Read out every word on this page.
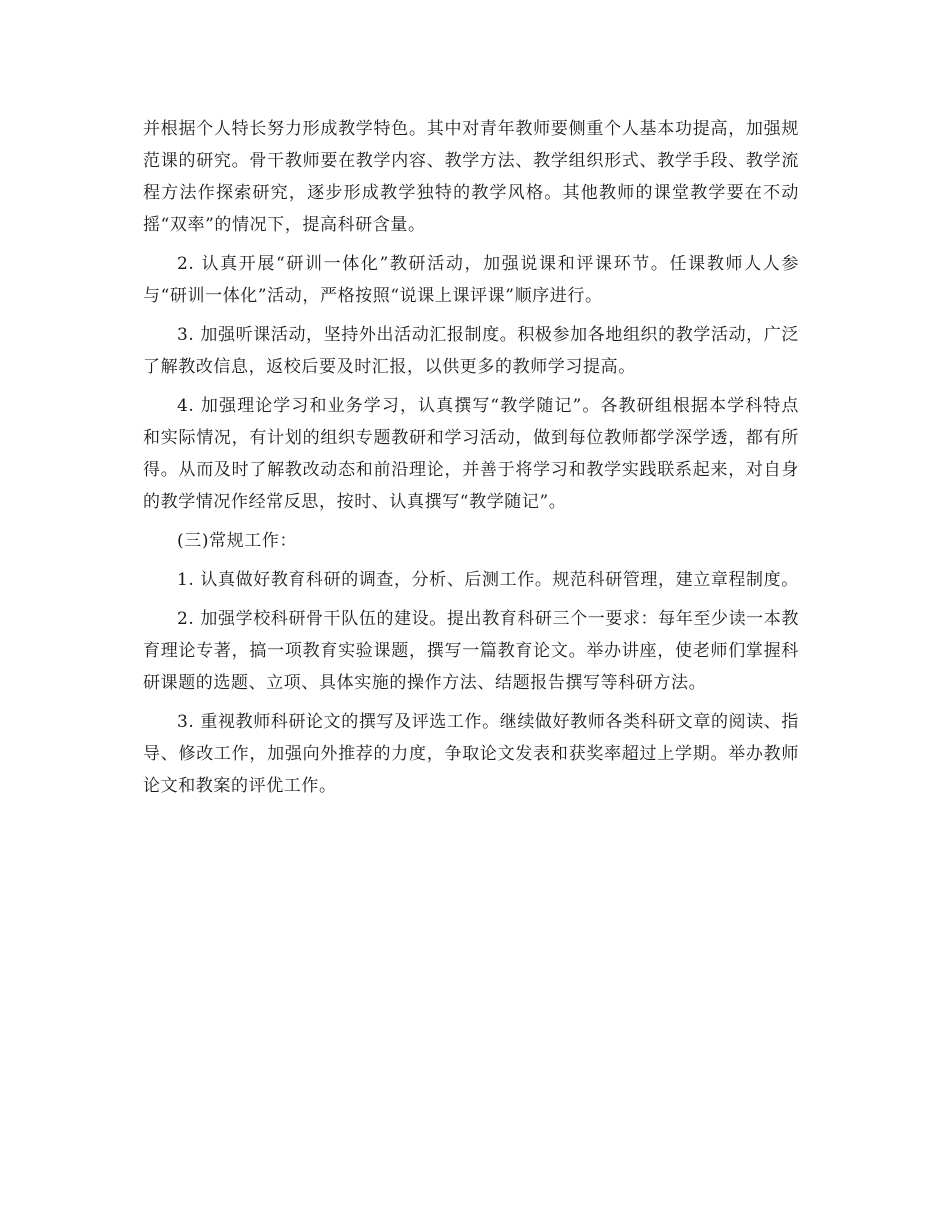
并根据个人特长努力形成教学特色。其中对青年教师要侧重个人基本功提高，加强规范课的研究。骨干教师要在教学内容、教学方法、教学组织形式、教学手段、教学流程方法作探索研究，逐步形成教学独特的教学风格。其他教师的课堂教学要在不动摇“双率”的情况下，提高科研含量。

2. 认真开展“研训一体化”教研活动，加强说课和评课环节。任课教师人人参与“研训一体化”活动，严格按照“说课上课评课”顺序进行。

3. 加强听课活动，坚持外出活动汇报制度。积极参加各地组织的教学活动，广泛了解教改信息，返校后要及时汇报，以供更多的教师学习提高。

4. 加强理论学习和业务学习，认真撰写“教学随记”。各教研组根据本学科特点和实际情况，有计划的组织专题教研和学习活动，做到每位教师都学深学透，都有所得。从而及时了解教改动态和前沿理论，并善于将学习和教学实践联系起来，对自身的教学情况作经常反思，按时、认真撰写“教学随记”。

(三)常规工作：

1. 认真做好教育科研的调查，分析、后测工作。规范科研管理，建立章程制度。

2. 加强学校科研骨干队伍的建设。提出教育科研三个一要求：每年至少读一本教育理论专著，搞一项教育实验课题，撰写一篇教育论文。举办讲座，使老师们掌握科研课题的选题、立项、具体实施的操作方法、结题报告撰写等科研方法。

3. 重视教师科研论文的撰写及评选工作。继续做好教师各类科研文章的阅读、指导、修改工作，加强向外推荐的力度，争取论文发表和获奖率超过上学期。举办教师论文和教案的评优工作。
